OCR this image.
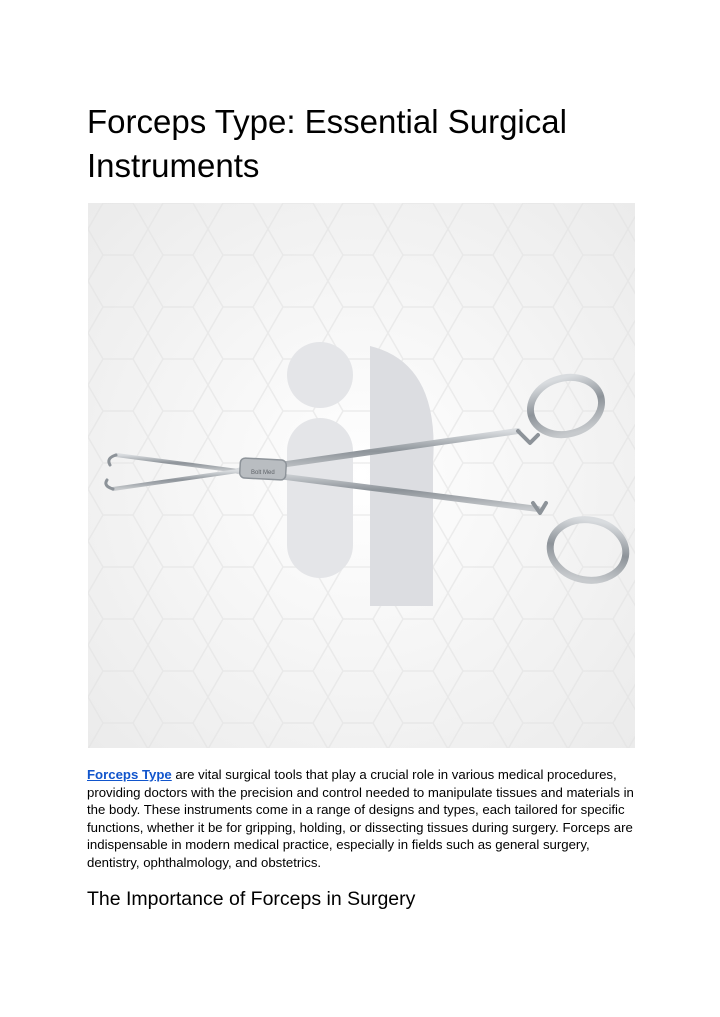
Forceps Type: Essential Surgical Instruments
Bolt Med

Forceps Type are vital surgical tools that play a crucial role in various medical procedures, providing doctors with the precision and control needed to manipulate tissues and materials in the body. These instruments come in a range of designs and types, each tailored for specific functions, whether it be for gripping, holding, or dissecting tissues during surgery. Forceps are indispensable in modern medical practice, especially in fields such as general surgery, dentistry, ophthalmology, and obstetrics.

The Importance of Forceps in Surgery
